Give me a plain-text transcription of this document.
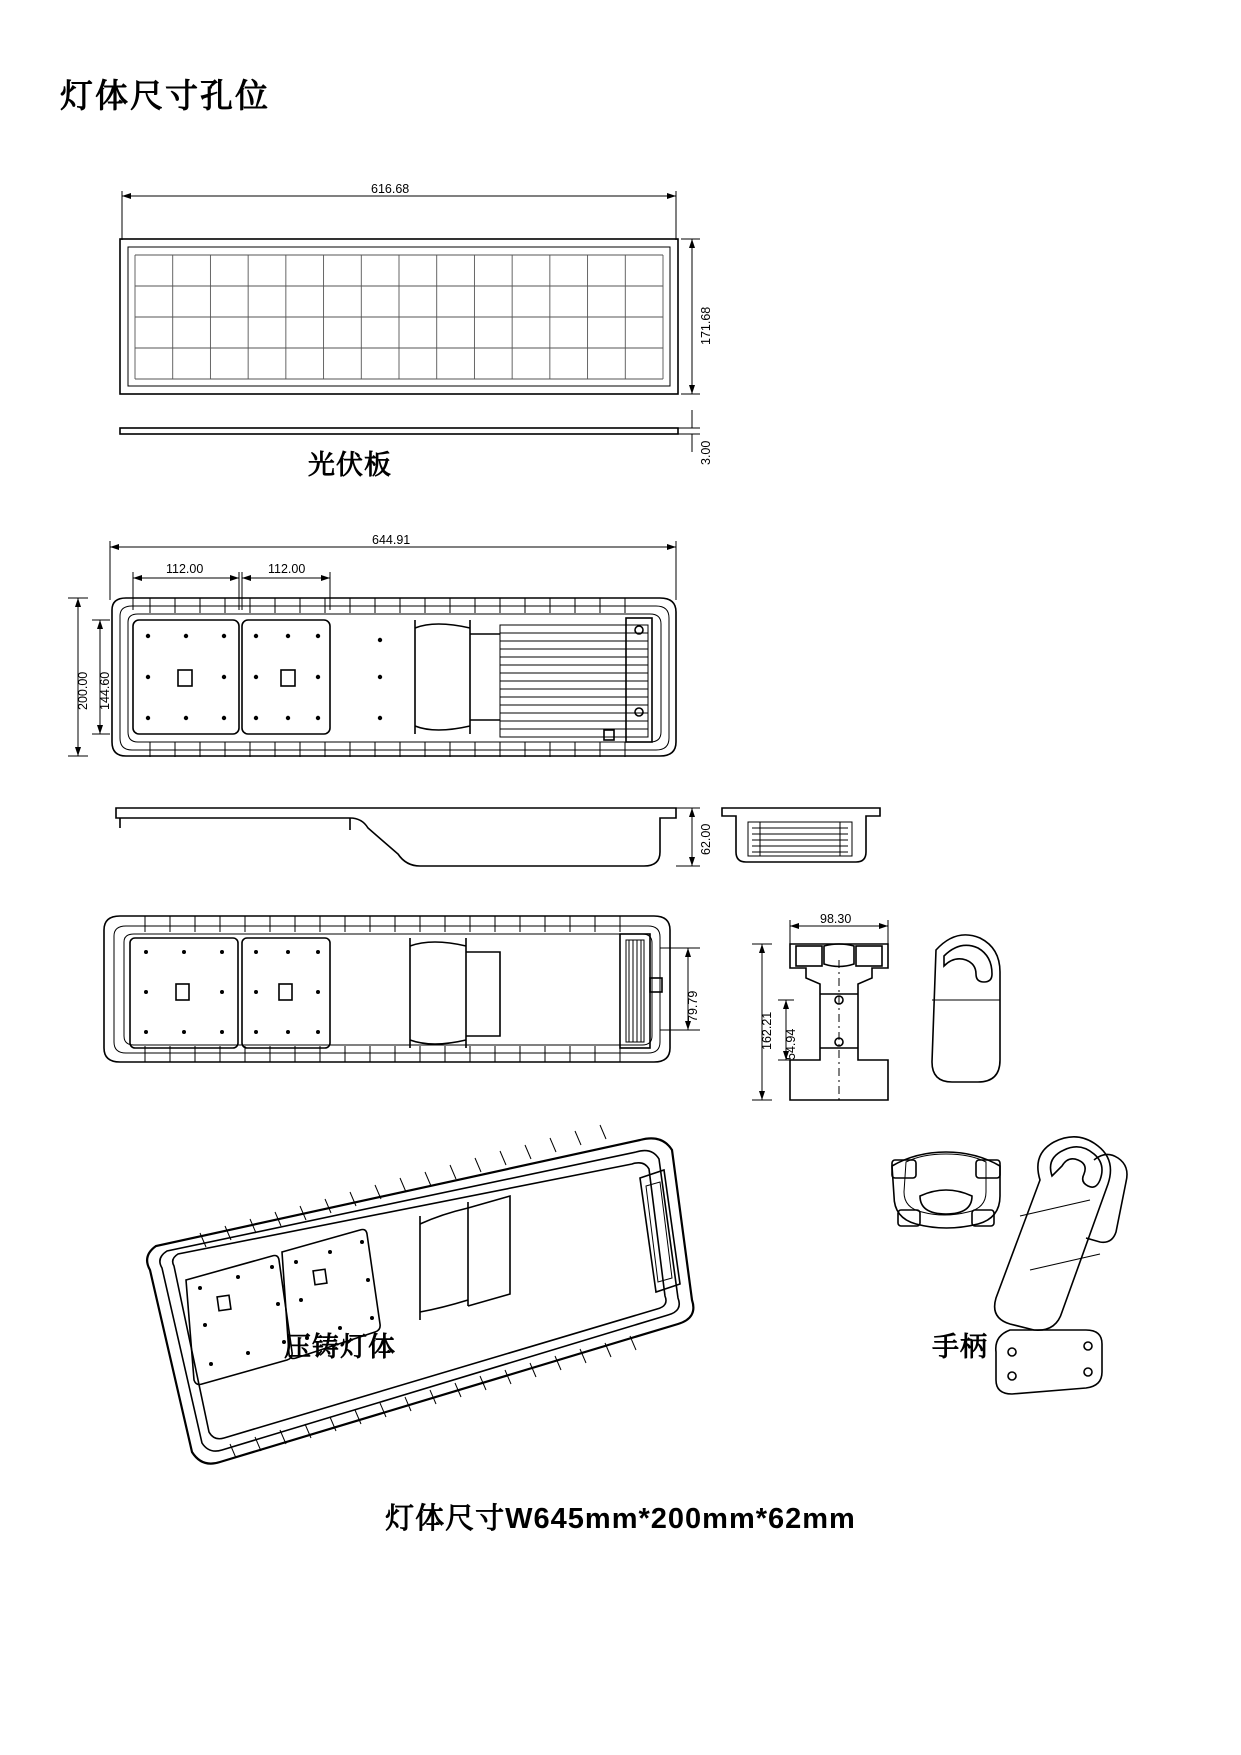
灯体尺寸孔位
616.68
171.68
3.00
光伏板
644.91
112.00	112.00
200.00 144.60
62.00
79.79
98.30
162.21 54.94
压铸灯体	手柄
灯体尺寸W645mm*200mm*62mm
